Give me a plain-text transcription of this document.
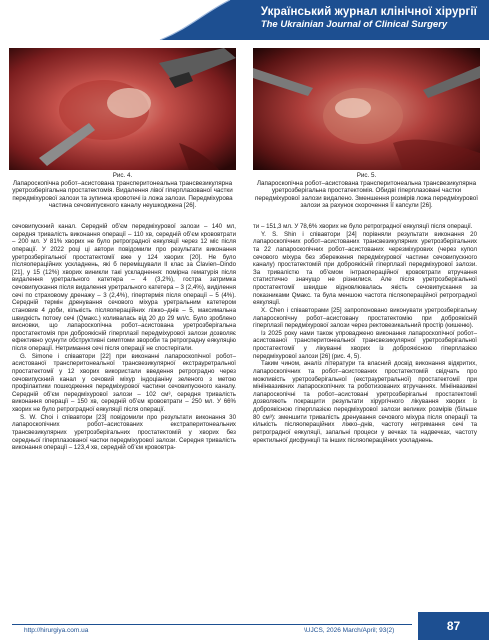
Український журнал клінічної хірургії
The Ukrainian Journal of Clinical Surgery
Рис. 4.
Лапароскопічна робот–асистована трансперитонеальна трансвезикулярна уретрозберігальна простатектомія. Видалення лівої гіперплазованої частки передміхурової залози та зупинка кровотечі із ложа залози. Передміхурова частина сечовипускного каналу неушкоджена [26].
Рис. 5.
Лапароскопічна робот–асистована трансперитонеальна трансвезикулярна уретрозберігальна простатектомія. Обидві гіперплазовані частки передміхурової залози видалено. Зменшення розмірів ложа передміхурової залози за рахунок скорочення її капсули [26].

сечовипускний канал. Середній об’єм передміхурової залози – 140 мл, середня тривалість виконання операції – 110 хв, середній об’єм крововтрати – 200 мл. У 81% хворих не було ретроградної еякуляції через 12 міс після операції. У 2022 році ці автори повідомили про результати виконання уретрозберігальної простатектомії вже у 124 хворих [20]. Не було післяопераційних ускладнень, які б переміщували II клас за Clavien–Dindo [21], у 15 (12%) хворих виникли такі ускладнення: помірна гематурія після видалення уретрального катетера – 4 (3,2%), гостра затримка сечовипускання після видалення уретрального катетера – 3 (2,4%), виділення сечі по страховому дренажу – 3 (2,4%), гіпертермія після операції – 5 (4%). Середній термін дренування сечового міхура уретральним катетером становив 4 доби, кількість післяопераційних ліжко–днів – 5, максимальна швидкість потоку сечі (Qмакс.) коливалась від 20 до 29 мл/с. Було зроблено висновки, що лапароскопічна робот–асистована уретрозберігальна простатектомія при доброякісній гіперплазії передміхурової залози дозволяє ефективно усунути обструктивні симптоми звороби та ретроградну еякуляцію після операції. Нетримання сечі після операції не спостерігали.

G. Simone і співавтори [22] при виконанні лапароскопічної робот–асистованої трансперитонеальної трансвезикулярної екстрауретральної простатектомії у 12 хворих використали введення ретроградно через сечовипускний канал у сечовий міхур індоціаніну зеленого з метою профілактики пошкодження передміхурової частини сечовипускного каналу. Середній об’єм передміхурової залози – 102 см³, середня тривалість виконання операції – 150 хв, середній об’єм крововтрати – 250 мл. У 66% хворих не було ретроградної еякуляції після операції.

S. W. Choi і співавтори [23] повідомили про результати виконання 30 лапароскопічних робот–асистованих екстраперитонеальних трансвезикулярних уретрозберігальних простатектомій у хворих без середньої гіперплазованої частки передміхурової залози. Середня тривалість виконання операції – 123,4 хв, середній об’єм крововтра-

ти – 151,3 мл. У 78,6% хворих не було ретроградної еякуляції після операції.

Y. S. Shin і співавтори [24] порівняли результати виконання 20 лапароскопічних робот–асистованих трансвезикулярних уретрозберігальних та 22 лапароскопічних робот–асистованих черезміхурових (через купол сечового міхура без збереження передміхурової частини сечовипускного каналу) простатектомій при доброякісній гіперплазії передміхурової залози. За тривалістю та об’ємом інтраопераційної крововтрати втручання статистично значущо не різнилися. Але після уретрозберігальної простатектомії швидше відновлювалась якість сечовипускання за показниками Qмакс. та була меншою частота післяопераційної ретроградної еякуляції.

X. Chen і співавторами [25] запропоновано виконувати уретрозберігальну лапароскопічну робот–асистовану простатектомію при доброякісній гіперплазії передміхурової залози через ректовезикальний простір (кишеню).

Із 2025 року нами також упроваджено виконання лапароскопічної робот–асистованої трансперитонеальної трансвезикулярної уретрозберігальної простатектомії у лікуванні хворих із доброякісною гіперплазією передміхурової залози [26] (рис. 4, 5).

Таким чином, аналіз літератури та власний досвід виконання відкритих, лапароскопічних та робот–асистованих простатектомій свідчать про можливість уретрозберігальної (екстрауретральної) простатектомії при мініінвазивних лапароскопічних та роботизованих втручаннях. Мініінвазивні лапароскопічні та робот–асистовані уретрозберігальні простатектомії дозволяють покращити результати хірургічного лікування хворих із доброякісною гіперплазією передміхурової залози великих розмірів (більше 80 см³): зменшити тривалість дренування сечового міхура після операції та кількість післяопераційних ліжко–днів, частоту нетримання сечі та ретроградної еякуляції, запальні процеси у вечках та надвечках, частоту еректильної дисфункції та інших післяопераційних ускладнень.

http://hirurgiya.com.ua	\UJCS, 2026 March/April; 93(2)	87
